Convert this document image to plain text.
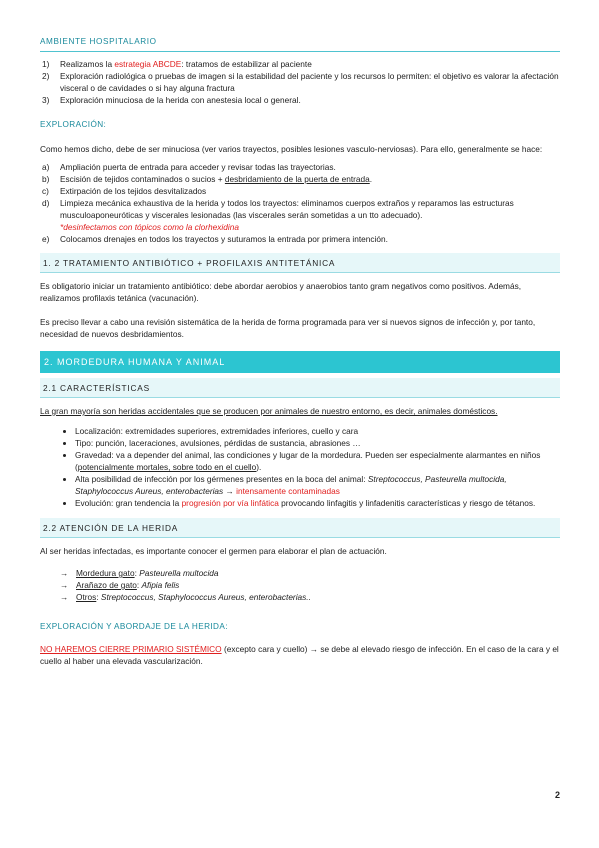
AMBIENTE HOSPITALARIO
1) Realizamos la estrategia ABCDE: tratamos de estabilizar al paciente
2) Exploración radiológica o pruebas de imagen si la estabilidad del paciente y los recursos lo permiten: el objetivo es valorar la afectación visceral o de cavidades o si hay alguna fractura
3) Exploración minuciosa de la herida con anestesia local o general.
EXPLORACIÓN:

Como hemos dicho, debe de ser minuciosa (ver varios trayectos, posibles lesiones vasculo-nerviosas). Para ello, generalmente se hace:

a) Ampliación puerta de entrada para acceder y revisar todas las trayectorias.
b) Escisión de tejidos contaminados o sucios + desbridamiento de la puerta de entrada.
c) Extirpación de los tejidos desvitalizados
d) Limpieza mecánica exhaustiva de la herida y todos los trayectos: eliminamos cuerpos extraños y reparamos las estructuras musculoaponeuróticas y viscerales lesionadas (las viscerales serán sometidas a un tto adecuado).
*desinfectamos con tópicos como la clorhexidina
e) Colocamos drenajes en todos los trayectos y suturamos la entrada por primera intención.
1. 2 TRATAMIENTO ANTIBIÓTICO + PROFILAXIS ANTITETÁNICA

Es obligatorio iniciar un tratamiento antibiótico: debe abordar aerobios y anaerobios tanto gram negativos como positivos. Además, realizamos profilaxis tetánica (vacunación).

Es preciso llevar a cabo una revisión sistemática de la herida de forma programada para ver si nuevos signos de infección y, por tanto, necesidad de nuevos desbridamientos.

2. MORDEDURA HUMANA Y ANIMAL
2.1 CARACTERÍSTICAS

La gran mayoría son heridas accidentales que se producen por animales de nuestro entorno, es decir, animales domésticos.

• Localización: extremidades superiores, extremidades inferiores, cuello y cara
• Tipo: punción, laceraciones, avulsiones, pérdidas de sustancia, abrasiones …
• Gravedad: va a depender del animal, las condiciones y lugar de la mordedura. Pueden ser especialmente alarmantes en niños (potencialmente mortales, sobre todo en el cuello).
• Alta posibilidad de infección por los gérmenes presentes en la boca del animal: Streptococcus, Pasteurella multocida, Staphylococcus Aureus, enterobacterias → intensamente contaminadas
• Evolución: gran tendencia la progresión por vía linfática provocando linfagitis y linfadenitis características y riesgo de tétanos.
2.2 ATENCIÓN DE LA HERIDA

Al ser heridas infectadas, es importante conocer el germen para elaborar el plan de actuación.

→ Mordedura gato: Pasteurella multocida
→ Arañazo de gato: Afipia felis
→ Otros: Streptococcus, Staphylococcus Aureus, enterobacterias..
EXPLORACIÓN Y ABORDAJE DE LA HERIDA:

NO HAREMOS CIERRE PRIMARIO SISTÉMICO (excepto cara y cuello) → se debe al elevado riesgo de infección. En el caso de la cara y el cuello al haber una elevada vascularización.

2
